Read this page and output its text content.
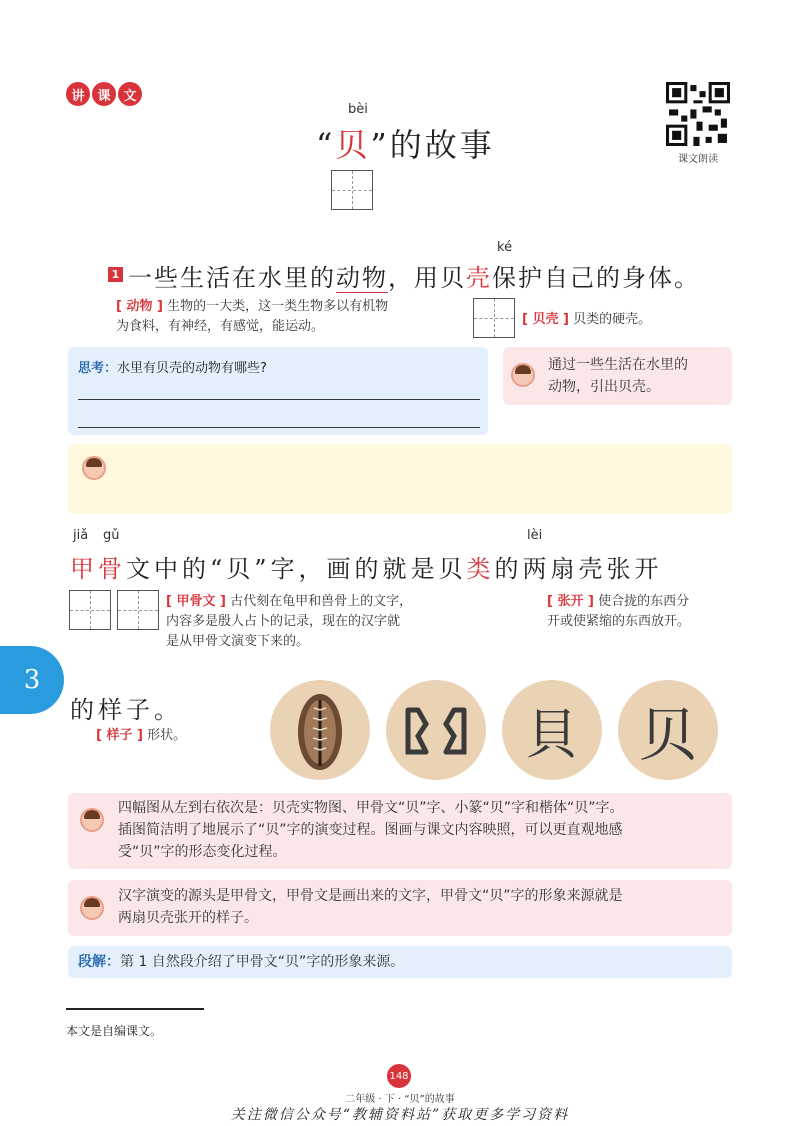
讲 课 文
课文朗读
bèi
“贝”的故事
ké
1 一些生活在水里的动物，用贝壳保护自己的身体。
[ 动物 ] 生物的一大类，这一类生物多以有机物
为食料，有神经，有感觉，能运动。	[ 贝壳 ] 贝类的硬壳。
思考：水里有贝壳的动物有哪些?	通过一些生活在水里的
动物，引出贝壳。
jiǎ gǔ	lèi
甲骨文中的“贝”字，画的就是贝类的两扇壳张开
[ 甲骨文 ] 古代刻在龟甲和兽骨上的文字，
内容多是殷人占卜的记录，现在的汉字就
是从甲骨文演变下来的。
[ 张开 ] 使合拢的东西分
开或使紧缩的东西放开。
3
的样子。
[ 样子 ] 形状。	貝 贝
四幅图从左到右依次是：贝壳实物图、甲骨文“贝”字、小篆“贝”字和楷体“贝”字。
插图简洁明了地展示了“贝”字的演变过程。图画与课文内容映照，可以更直观地感
受“贝”字的形态变化过程。
汉字演变的源头是甲骨文，甲骨文是画出来的文字，甲骨文“贝”字的形象来源就是
两扇贝壳张开的样子。
段解：第 1 自然段介绍了甲骨文“贝”字的形象来源。
本文是自编课文。
148
二年级 · 下 · “贝”的故事
关注微信公众号“教辅资料站”获取更多学习资料
